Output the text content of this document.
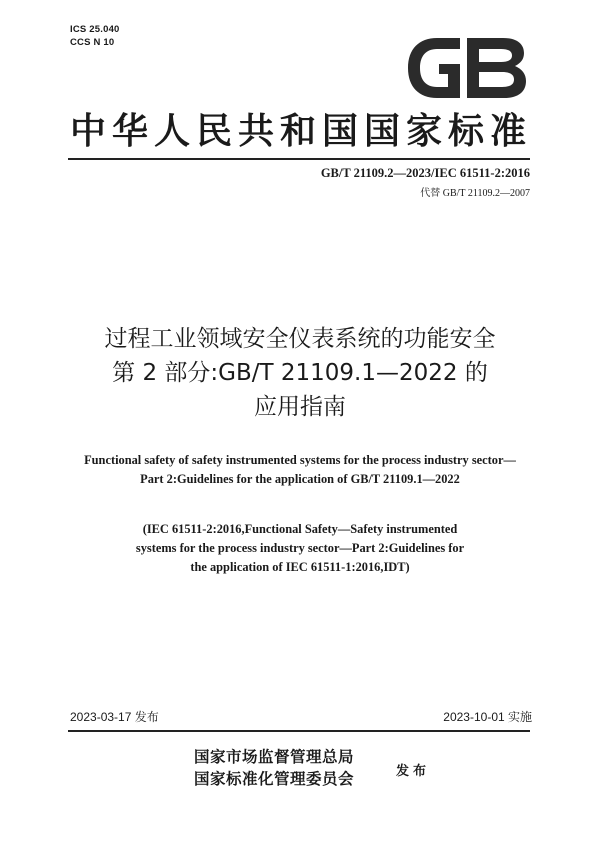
ICS 25.040
CCS N 10
GB
中华人民共和国国家标准
GB/T 21109.2—2023/IEC 61511-2:2016
代替 GB/T 21109.2—2007
过程工业领域安全仪表系统的功能安全
第 2 部分:GB/T 21109.1—2022 的
应用指南
Functional safety of safety instrumented systems for the process industry sector—
Part 2:Guidelines for the application of GB/T 21109.1—2022
(IEC 61511-2:2016,Functional Safety—Safety instrumented
systems for the process industry sector—Part 2:Guidelines for
the application of IEC 61511-1:2016,IDT)
2023-03-17 发布	2023-10-01 实施
国家市场监督管理总局
国家标准化管理委员会	发布
